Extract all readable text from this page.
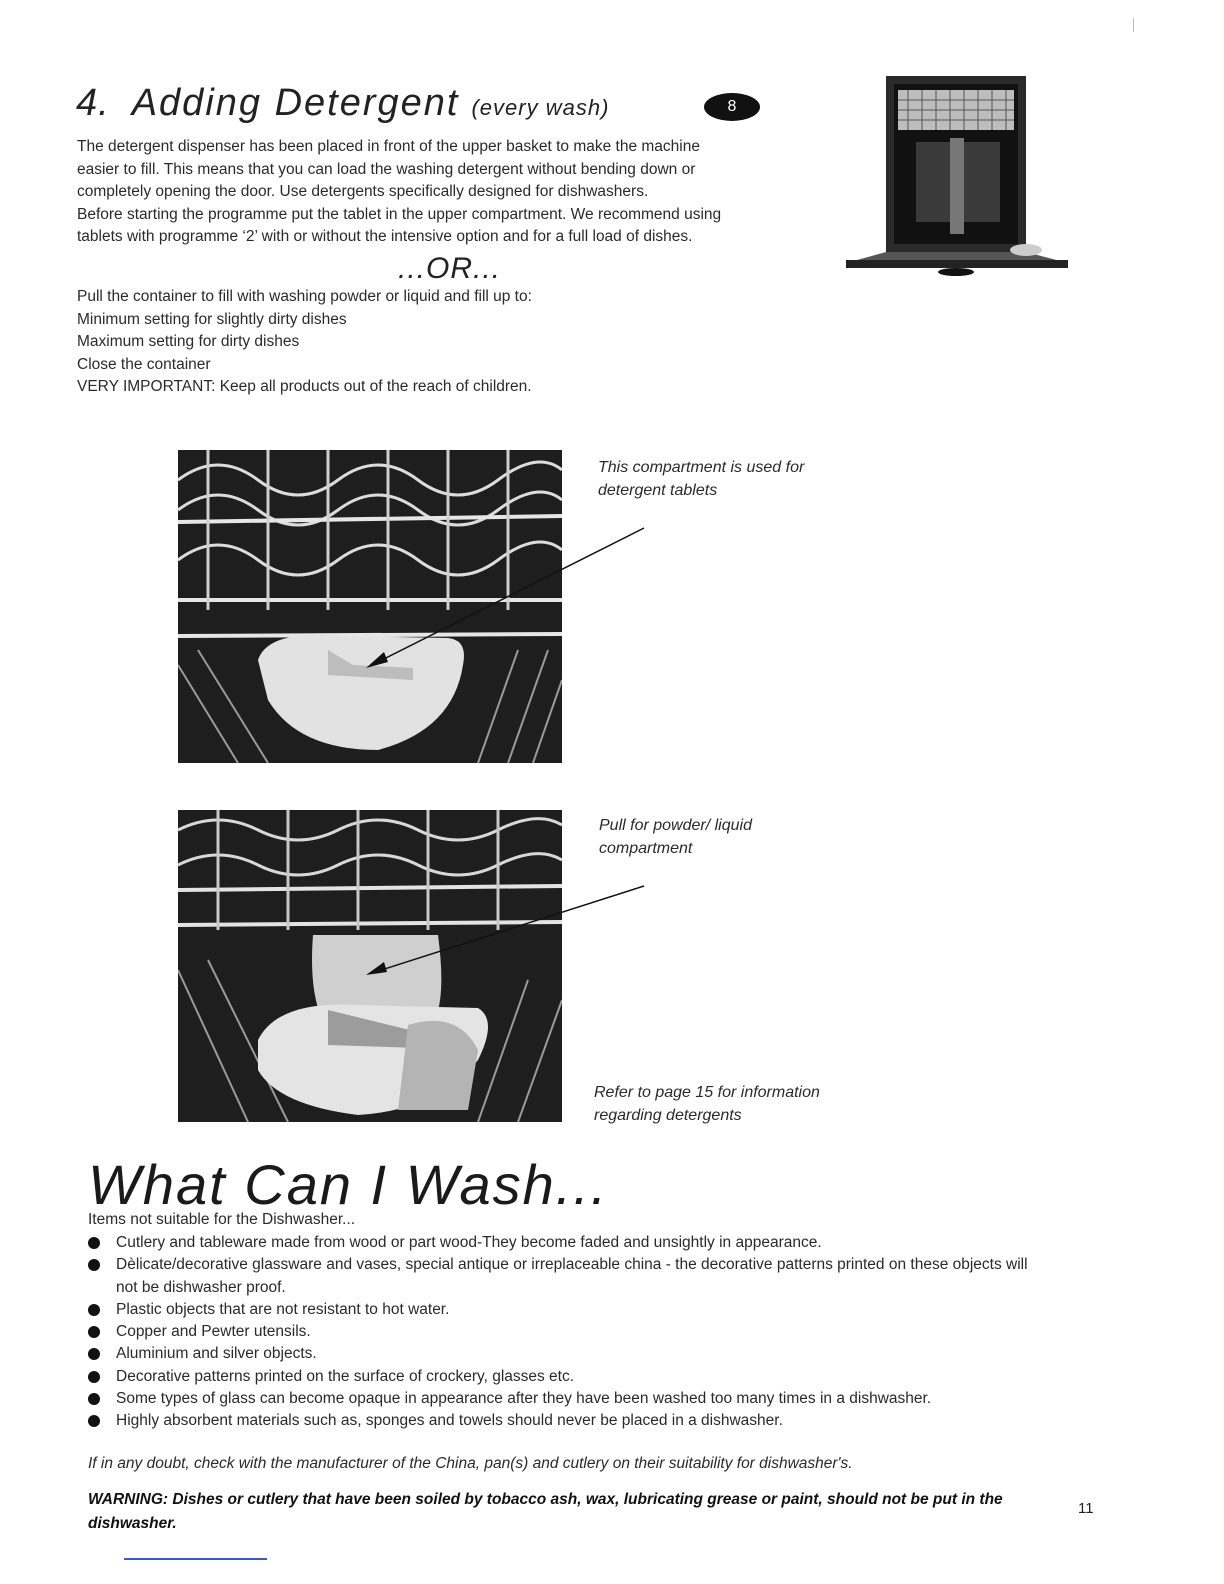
4. Adding Detergent (every wash)	8
The detergent dispenser has been placed in front of the upper basket to make the machine
easier to fill. This means that you can load the washing detergent without bending down or
completely opening the door. Use detergents specifically designed for dishwashers.
Before starting the programme put the tablet in the upper compartment. We recommend using
tablets with programme ‘2’ with or without the intensive option and for a full load of dishes.
...OR...
Pull the container to fill with washing powder or liquid and fill up to:
Minimum setting for slightly dirty dishes
Maximum setting for dirty dishes
Close the container
VERY IMPORTANT: Keep all products out of the reach of children.
This compartment is used for
detergent tablets
Pull for powder/ liquid
compartment
Refer to page 15 for information
regarding detergents
What Can I Wash...
Items not suitable for the Dishwasher...
Cutlery and tableware made from wood or part wood-They become faded and unsightly in appearance.
Dèlicate/decorative glassware and vases, special antique or irreplaceable china - the decorative patterns printed on these objects will not be dishwasher proof.
Plastic objects that are not resistant to hot water.
Copper and Pewter utensils.
Aluminium and silver objects.
Decorative patterns printed on the surface of crockery, glasses etc.
Some types of glass can become opaque in appearance after they have been washed too many times in a dishwasher.
Highly absorbent materials such as, sponges and towels should never be placed in a dishwasher.
If in any doubt, check with the manufacturer of the China, pan(s) and cutlery on their suitability for dishwasher's.
WARNING: Dishes or cutlery that have been soiled by tobacco ash, wax, lubricating grease or paint, should not be put in the dishwasher.
11
